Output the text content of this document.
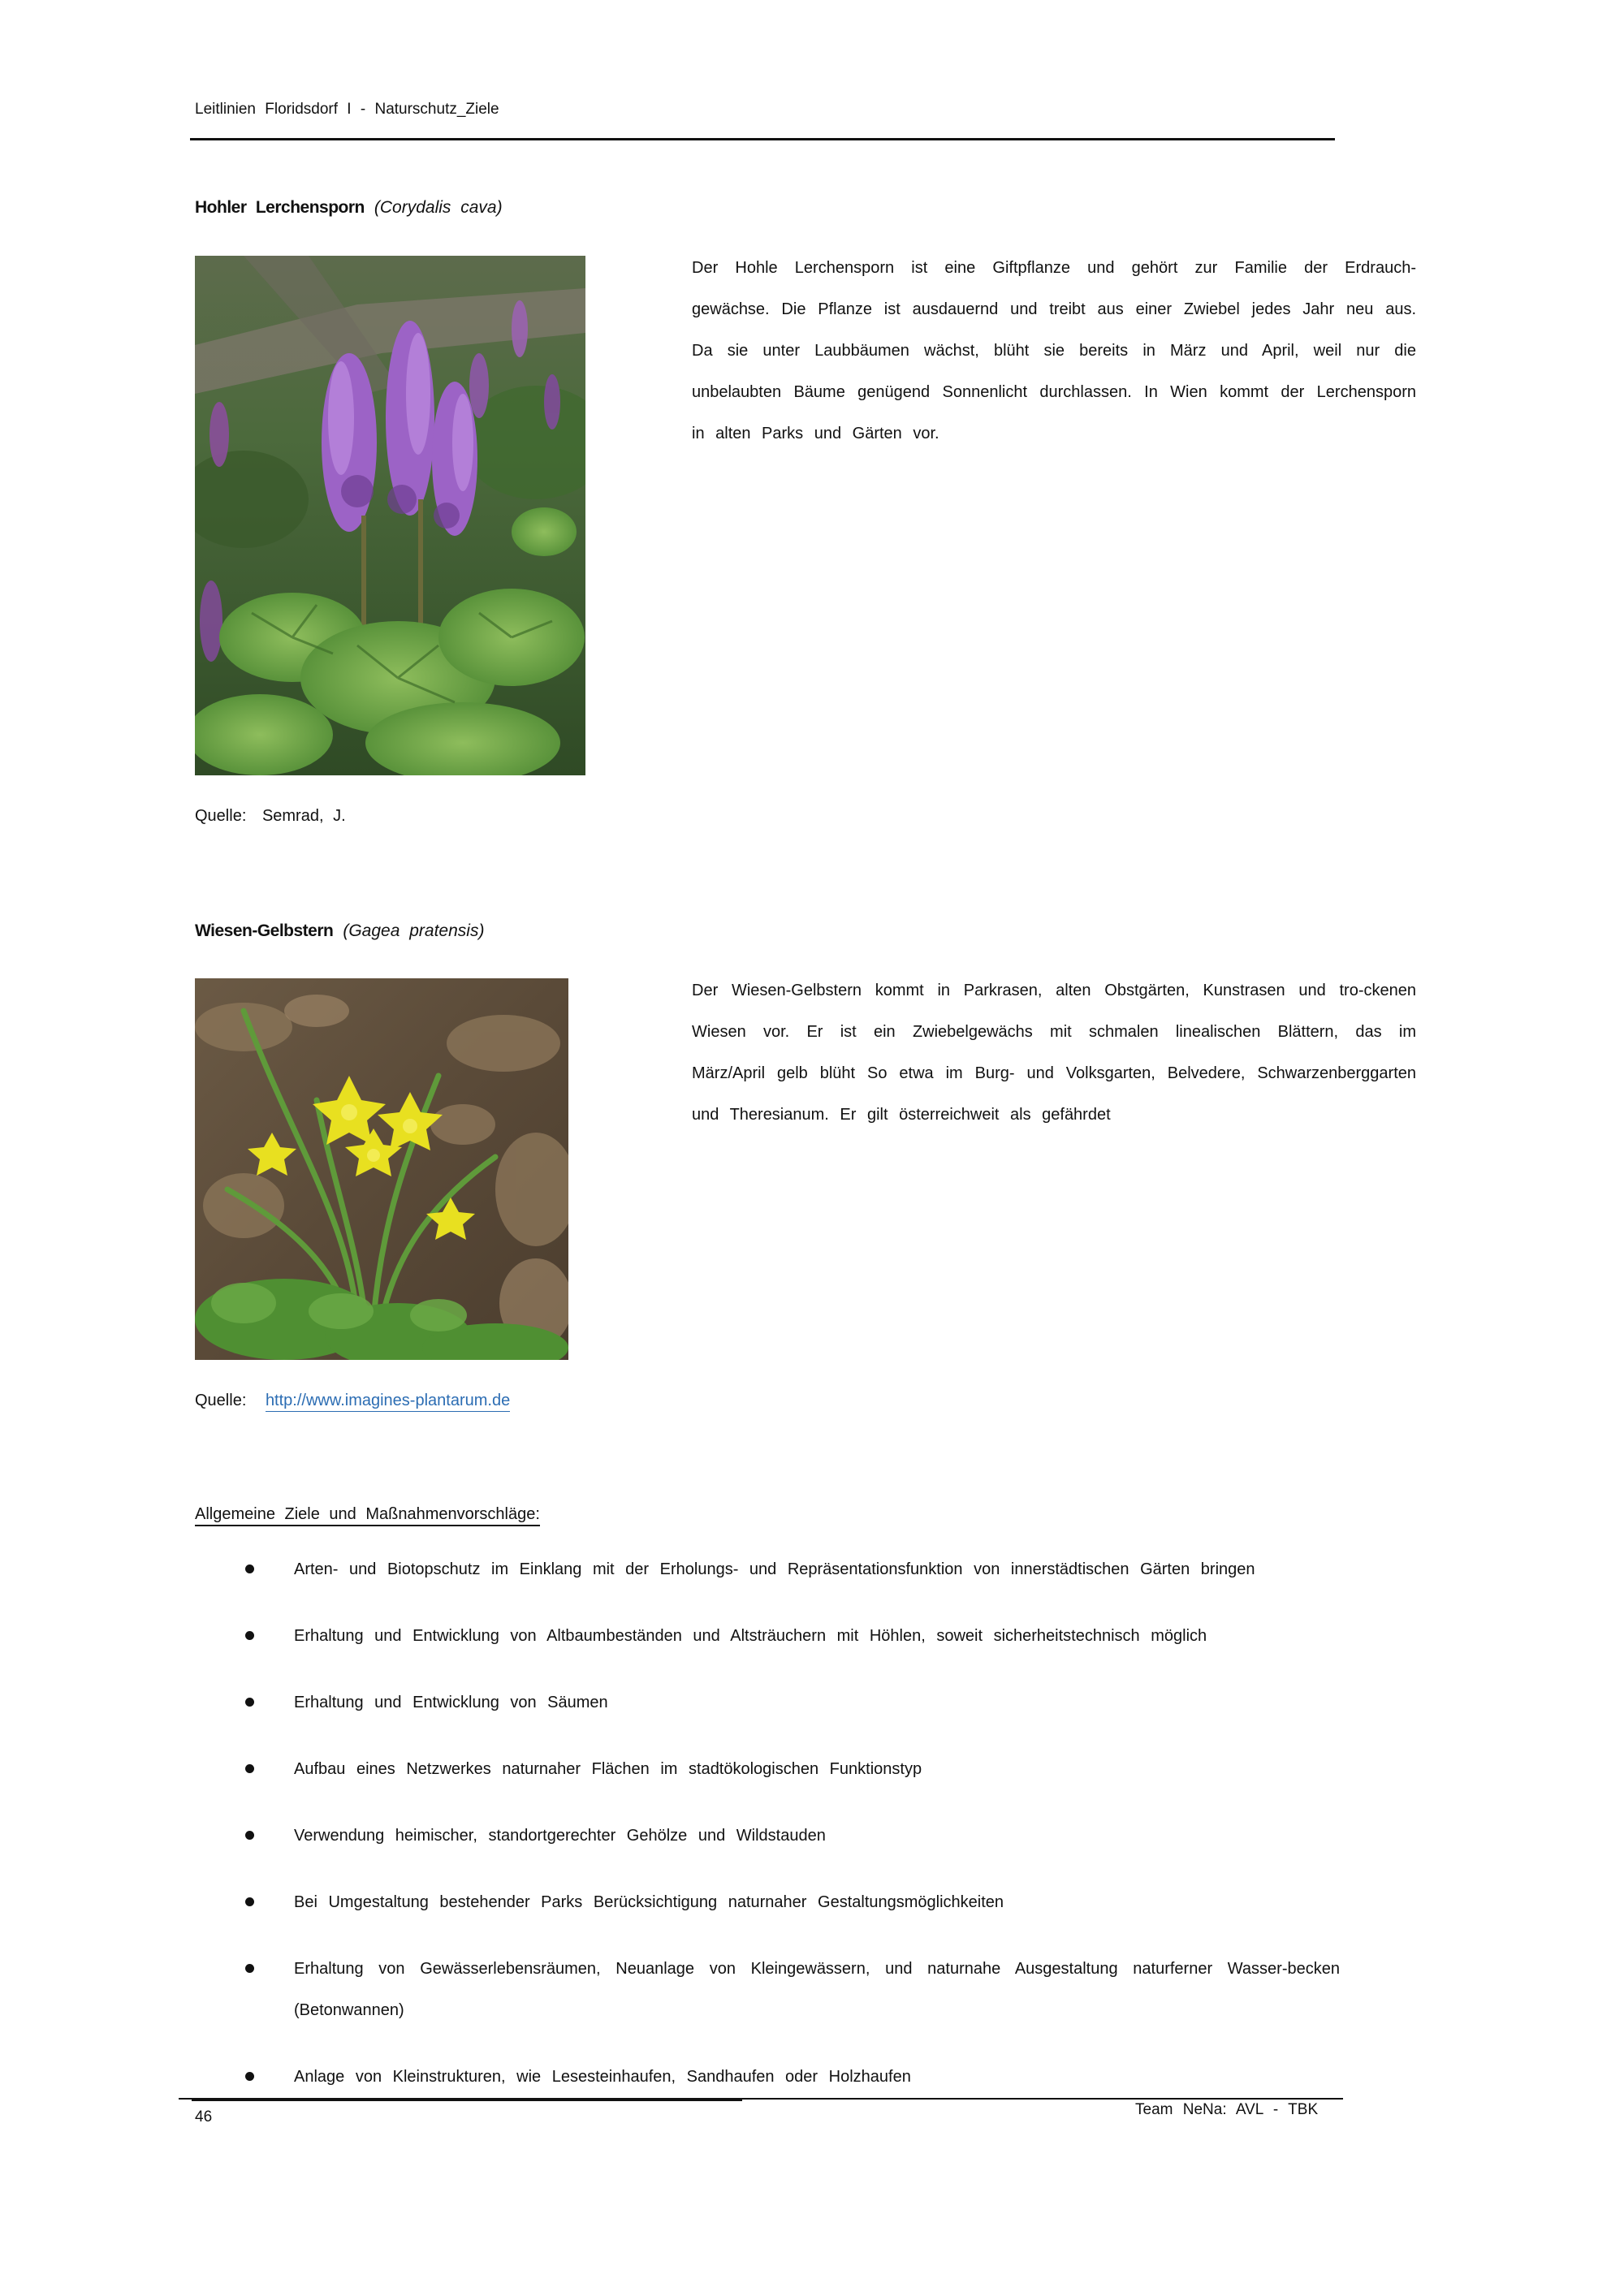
Leitlinien Floridsdorf I - Naturschutz_Ziele
Hohler Lerchensporn (Corydalis cava)
Der Hohle Lerchensporn ist eine Giftpflanze und gehört zur Familie der Erdrauch-gewächse. Die Pflanze ist ausdauernd und treibt aus einer Zwiebel jedes Jahr neu aus. Da sie unter Laubbäumen wächst, blüht sie bereits in März und April, weil nur die unbelaubten Bäume genügend Sonnenlicht durchlassen. In Wien kommt der Lerchensporn in alten Parks und Gärten vor.
Quelle: Semrad, J.
Wiesen-Gelbstern (Gagea pratensis)
Der Wiesen-Gelbstern kommt in Parkrasen, alten Obstgärten, Kunstrasen und tro-ckenen Wiesen vor. Er ist ein Zwiebelgewächs mit schmalen linealischen Blättern, das im März/April gelb blüht So etwa im Burg- und Volksgarten, Belvedere, Schwarzenberggarten und Theresianum. Er gilt österreichweit als gefährdet
Quelle: http://www.imagines-plantarum.de
Allgemeine Ziele und Maßnahmenvorschläge:
Arten- und Biotopschutz im Einklang mit der Erholungs- und Repräsentationsfunktion von innerstädtischen Gärten bringen
Erhaltung und Entwicklung von Altbaumbeständen und Altsträuchern mit Höhlen, soweit sicherheitstechnisch möglich
Erhaltung und Entwicklung von Säumen
Aufbau eines Netzwerkes naturnaher Flächen im stadtökologischen Funktionstyp
Verwendung heimischer, standortgerechter Gehölze und Wildstauden
Bei Umgestaltung bestehender Parks Berücksichtigung naturnaher Gestaltungsmöglichkeiten
Erhaltung von Gewässerlebensräumen, Neuanlage von Kleingewässern, und naturnahe Ausgestaltung naturferner Wasser-becken (Betonwannen)
Anlage von Kleinstrukturen, wie Lesesteinhaufen, Sandhaufen oder Holzhaufen
46	Team NeNa: AVL - TBK
